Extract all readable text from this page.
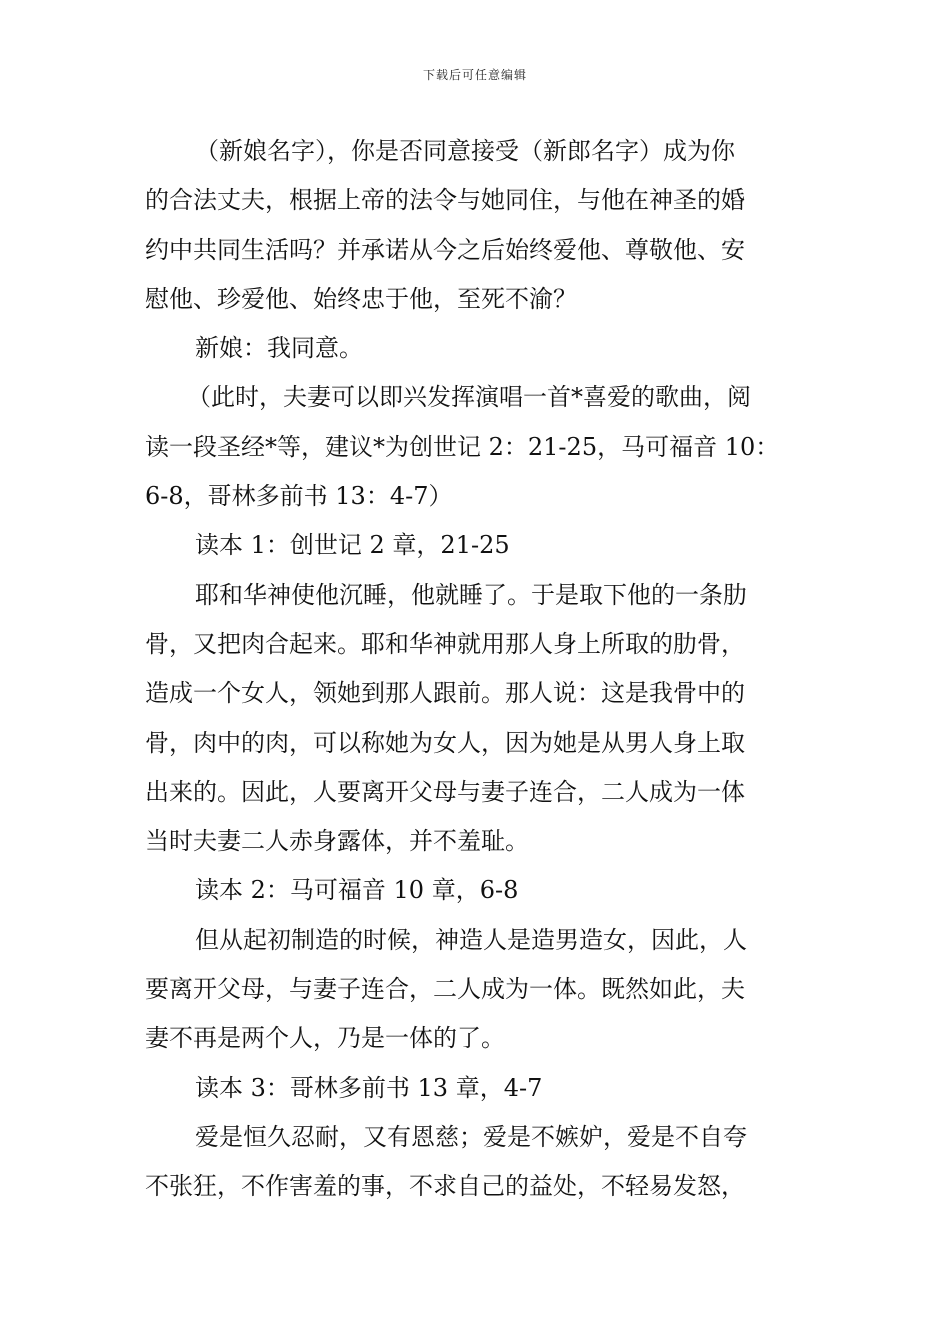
下载后可任意编辑
（新娘名字），你是否同意接受（新郎名字）成为你
的合法丈夫，根据上帝的法令与她同住，与他在神圣的婚
约中共同生活吗？并承诺从今之后始终爱他、尊敬他、安
慰他、珍爱他、始终忠于他，至死不渝？
新娘：我同意。
（此时，夫妻可以即兴发挥演唱一首*喜爱的歌曲，阅
读一段圣经*等，建议*为创世记 2：21-25，马可福音 10：
6-8，哥林多前书 13：4-7）
读本 1：创世记 2 章，21-25
耶和华神使他沉睡，他就睡了。于是取下他的一条肋
骨，又把肉合起来。耶和华神就用那人身上所取的肋骨，
造成一个女人，领她到那人跟前。那人说：这是我骨中的
骨，肉中的肉，可以称她为女人，因为她是从男人身上取
出来的。因此，人要离开父母与妻子连合，二人成为一体
当时夫妻二人赤身露体，并不羞耻。
读本 2：马可福音 10 章，6-8
但从起初制造的时候，神造人是造男造女，因此，人
要离开父母，与妻子连合，二人成为一体。既然如此，夫
妻不再是两个人，乃是一体的了。
读本 3：哥林多前书 13 章，4-7
爱是恒久忍耐，又有恩慈；爱是不嫉妒，爱是不自夸
不张狂，不作害羞的事，不求自己的益处，不轻易发怒，
